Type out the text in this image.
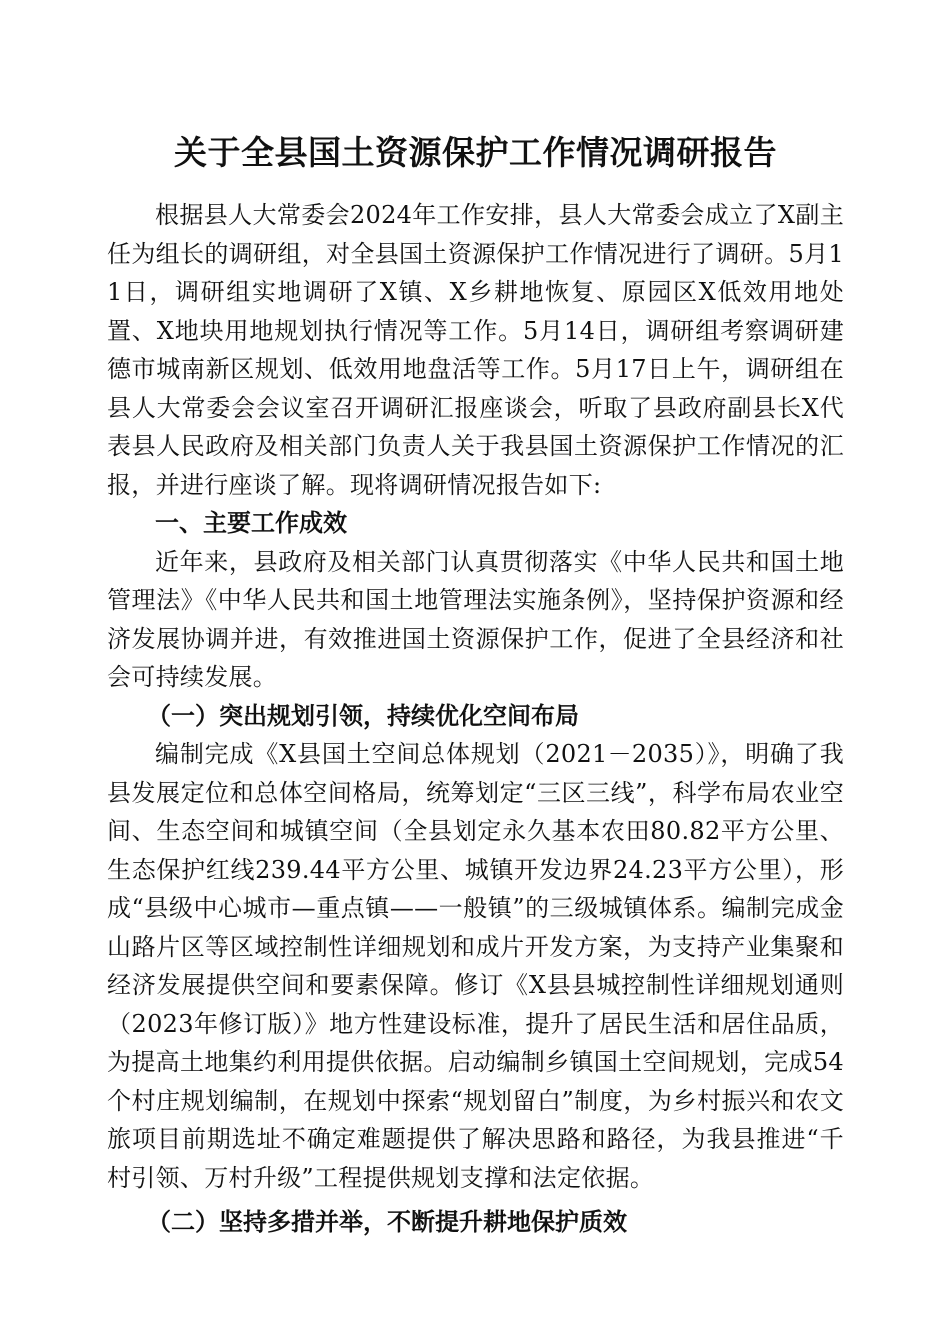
关于全县国土资源保护工作情况调研报告

根据县人大常委会2024年工作安排，县人大常委会成立了X副主任为组长的调研组，对全县国土资源保护工作情况进行了调研。5月11日，调研组实地调研了X镇、X乡耕地恢复、原园区X低效用地处置、X地块用地规划执行情况等工作。5月14日，调研组考察调研建德市城南新区规划、低效用地盘活等工作。5月17日上午，调研组在县人大常委会会议室召开调研汇报座谈会，听取了县政府副县长X代表县人民政府及相关部门负责人关于我县国土资源保护工作情况的汇报，并进行座谈了解。现将调研情况报告如下:

一、主要工作成效

近年来，县政府及相关部门认真贯彻落实《中华人民共和国土地管理法》《中华人民共和国土地管理法实施条例》，坚持保护资源和经济发展协调并进，有效推进国土资源保护工作，促进了全县经济和社会可持续发展。

（一）突出规划引领，持续优化空间布局

编制完成《X县国土空间总体规划（2021－2035）》，明确了我县发展定位和总体空间格局，统筹划定“三区三线”，科学布局农业空间、生态空间和城镇空间（全县划定永久基本农田80.82平方公里、生态保护红线239.44平方公里、城镇开发边界24.23平方公里），形成“县级中心城市—重点镇——一般镇”的三级城镇体系。编制完成金山路片区等区域控制性详细规划和成片开发方案，为支持产业集聚和经济发展提供空间和要素保障。修订《X县县城控制性详细规划通则（2023年修订版）》地方性建设标准，提升了居民生活和居住品质，为提高土地集约利用提供依据。启动编制乡镇国土空间规划，完成54个村庄规划编制，在规划中探索“规划留白”制度，为乡村振兴和农文旅项目前期选址不确定难题提供了解决思路和路径，为我县推进“千村引领、万村升级”工程提供规划支撑和法定依据。

（二）坚持多措并举，不断提升耕地保护质效
